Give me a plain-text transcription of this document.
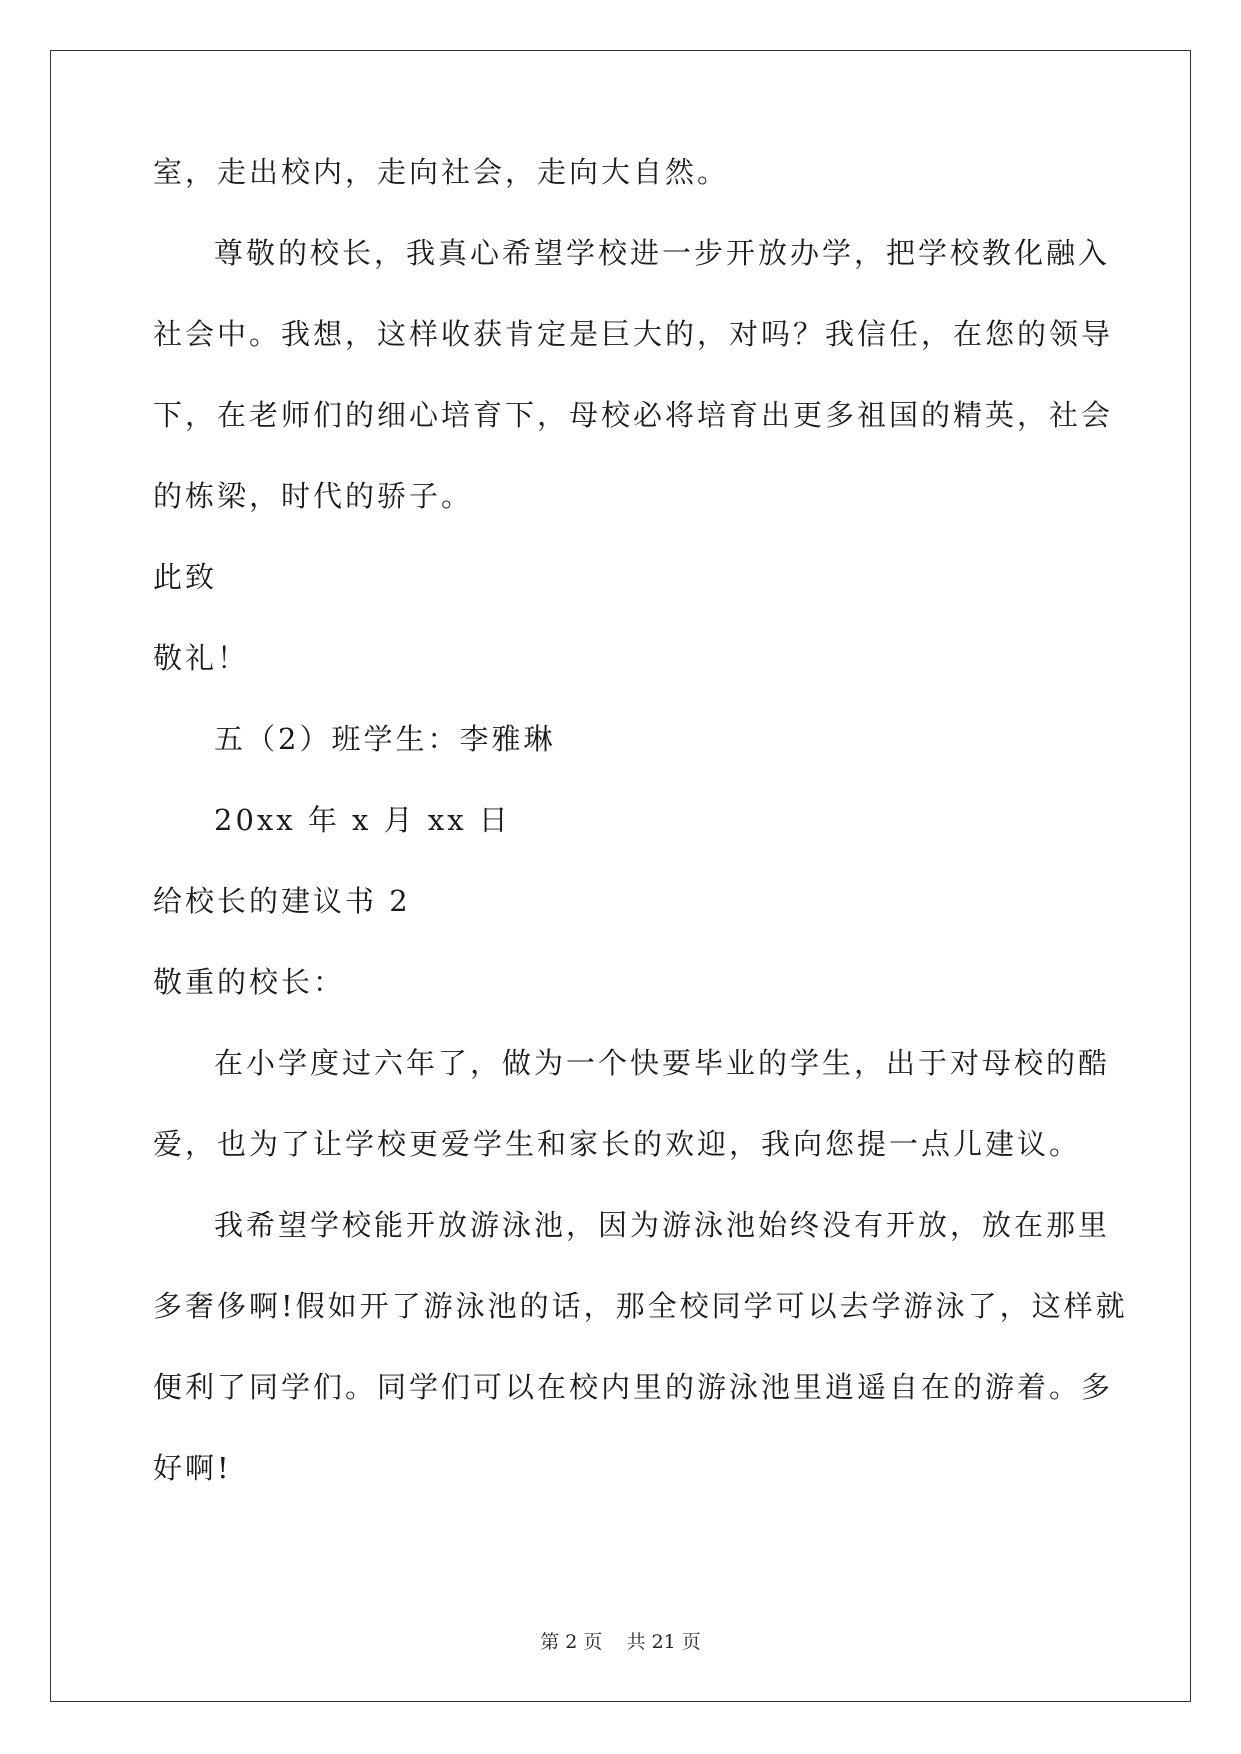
室，走出校内，走向社会，走向大自然。
尊敬的校长，我真心希望学校进一步开放办学，把学校教化融入
社会中。我想，这样收获肯定是巨大的，对吗？我信任，在您的领导
下，在老师们的细心培育下，母校必将培育出更多祖国的精英，社会
的栋梁，时代的骄子。
此致
敬礼！
五（2）班学生：李雅琳
20xx 年 x 月 xx 日
给校长的建议书 2
敬重的校长：
在小学度过六年了，做为一个快要毕业的学生，出于对母校的酷
爱，也为了让学校更爱学生和家长的欢迎，我向您提一点儿建议。
我希望学校能开放游泳池，因为游泳池始终没有开放，放在那里
多奢侈啊!假如开了游泳池的话，那全校同学可以去学游泳了，这样就
便利了同学们。同学们可以在校内里的游泳池里逍遥自在的游着。多
好啊!
第 2 页 共 21 页
